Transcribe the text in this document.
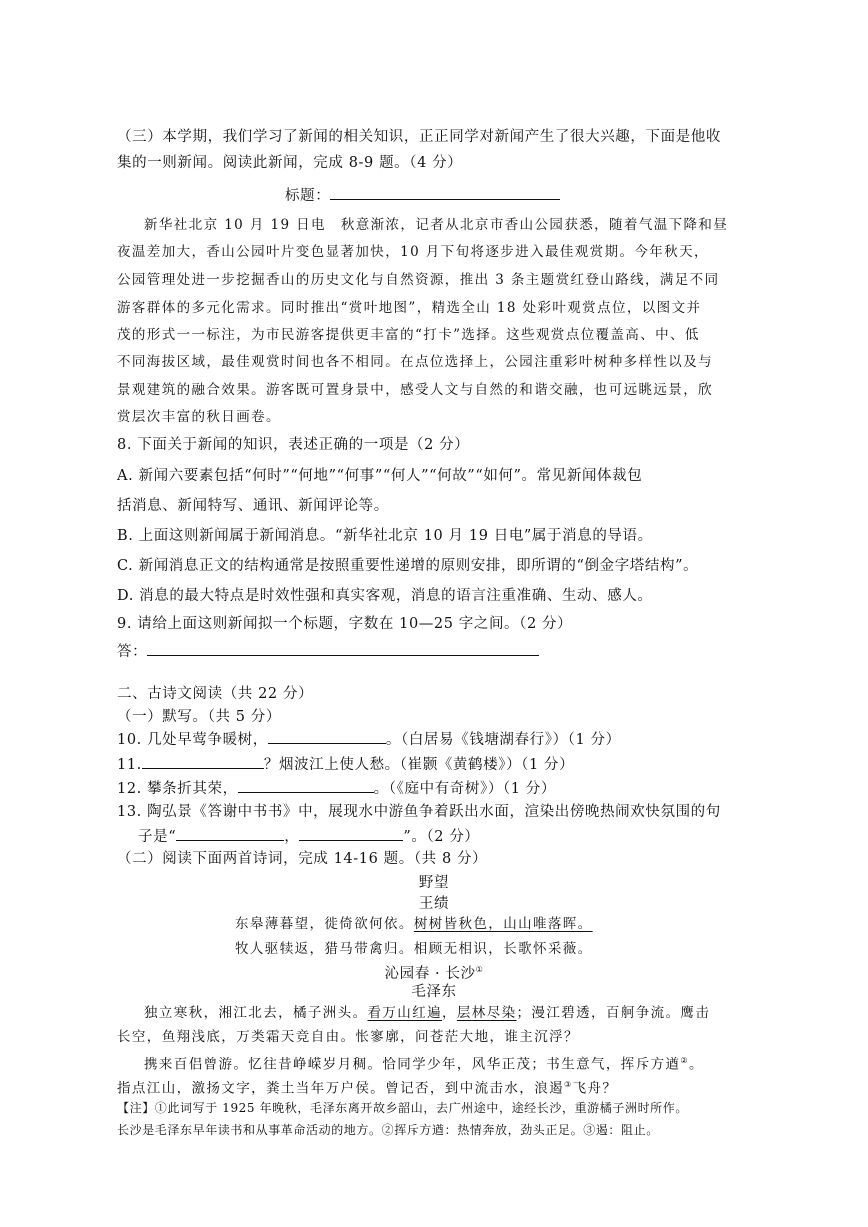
（三）本学期，我们学习了新闻的相关知识，正正同学对新闻产生了很大兴趣，下面是他收
集的一则新闻。阅读此新闻，完成 8-9 题。（4 分）
标题：
新华社北京 10 月 19 日电　秋意渐浓，记者从北京市香山公园获悉，随着气温下降和昼
夜温差加大，香山公园叶片变色显著加快，10 月下旬将逐步进入最佳观赏期。今年秋天，
公园管理处进一步挖掘香山的历史文化与自然资源，推出 3 条主题赏红登山路线，满足不同
游客群体的多元化需求。同时推出“赏叶地图”，精选全山 18 处彩叶观赏点位，以图文并
茂的形式一一标注，为市民游客提供更丰富的“打卡”选择。这些观赏点位覆盖高、中、低
不同海拔区域，最佳观赏时间也各不相同。在点位选择上，公园注重彩叶树种多样性以及与
景观建筑的融合效果。游客既可置身景中，感受人文与自然的和谐交融，也可远眺远景，欣
赏层次丰富的秋日画卷。
8. 下面关于新闻的知识，表述正确的一项是（2 分）
A. 新闻六要素包括“何时”“何地”“何事”“何人”“何故”“如何”。常见新闻体裁包
括消息、新闻特写、通讯、新闻评论等。
B. 上面这则新闻属于新闻消息。“新华社北京 10 月 19 日电”属于消息的导语。
C. 新闻消息正文的结构通常是按照重要性递增的原则安排，即所谓的“倒金字塔结构”。
D. 消息的最大特点是时效性强和真实客观，消息的语言注重准确、生动、感人。
9. 请给上面这则新闻拟一个标题，字数在 10—25 字之间。（2 分）
答：
二、古诗文阅读（共 22 分）
（一）默写。（共 5 分）
10. 几处早莺争暖树，	。（白居易《钱塘湖春行》）（1 分）
11.	？烟波江上使人愁。（崔颢《黄鹤楼》）（1 分）
12. 攀条折其荣，	。（《庭中有奇树》）（1 分）
13. 陶弘景《答谢中书书》中，展现水中游鱼争着跃出水面，渲染出傍晚热闹欢快氛围的句
子是“	，	”。（2 分）
（二）阅读下面两首诗词，完成 14-16 题。（共 8 分）
野望
王绩
东皋薄暮望，徙倚欲何依。树树皆秋色，山山唯落晖。
牧人驱犊返，猎马带禽归。相顾无相识，长歌怀采薇。
沁园春 · 长沙①
毛泽东
独立寒秋，湘江北去，橘子洲头。看万山红遍，层林尽染；漫江碧透，百舸争流。鹰击
长空，鱼翔浅底，万类霜天竞自由。怅寥廓，问苍茫大地，谁主沉浮？
携来百侣曾游。忆往昔峥嵘岁月稠。恰同学少年，风华正茂；书生意气，挥斥方遒②。
指点江山，激扬文字，粪土当年万户侯。曾记否，到中流击水，浪遏③飞舟？
【注】①此词写于 1925 年晚秋，毛泽东离开故乡韶山，去广州途中，途经长沙，重游橘子洲时所作。
长沙是毛泽东早年读书和从事革命活动的地方。②挥斥方遒：热情奔放，劲头正足。③遏：阻止。
